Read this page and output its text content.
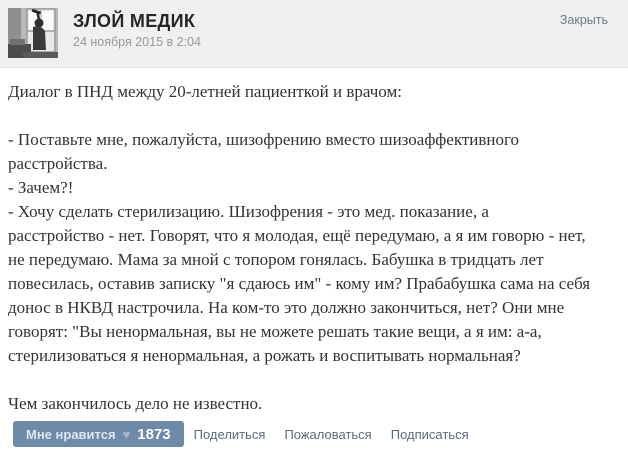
ЗЛОЙ МЕДИК
24 ноября 2015 в 2:04
Закрыть
Диалог в ПНД между 20-летней пациенткой и врачом:
- Поставьте мне, пожалуйста, шизофрению вместо шизоаффективного
расстройства.
- Зачем?!
- Хочу сделать стерилизацию. Шизофрения - это мед. показание, а
расстройство - нет. Говорят, что я молодая, ещё передумаю, а я им говорю - нет,
не передумаю. Мама за мной с топором гонялась. Бабушка в тридцать лет
повесилась, оставив записку "я сдаюсь им" - кому им? Прабабушка сама на себя
донос в НКВД настрочила. На ком-то это должно закончиться, нет? Они мне
говорят: "Вы ненормальная, вы не можете решать такие вещи, а я им: а-а,
стерилизоваться я ненормальная, а рожать и воспитывать нормальная?
Чем закончилось дело не известно.
Мне нравится ♥ 1873 Поделиться Пожаловаться Подписаться
